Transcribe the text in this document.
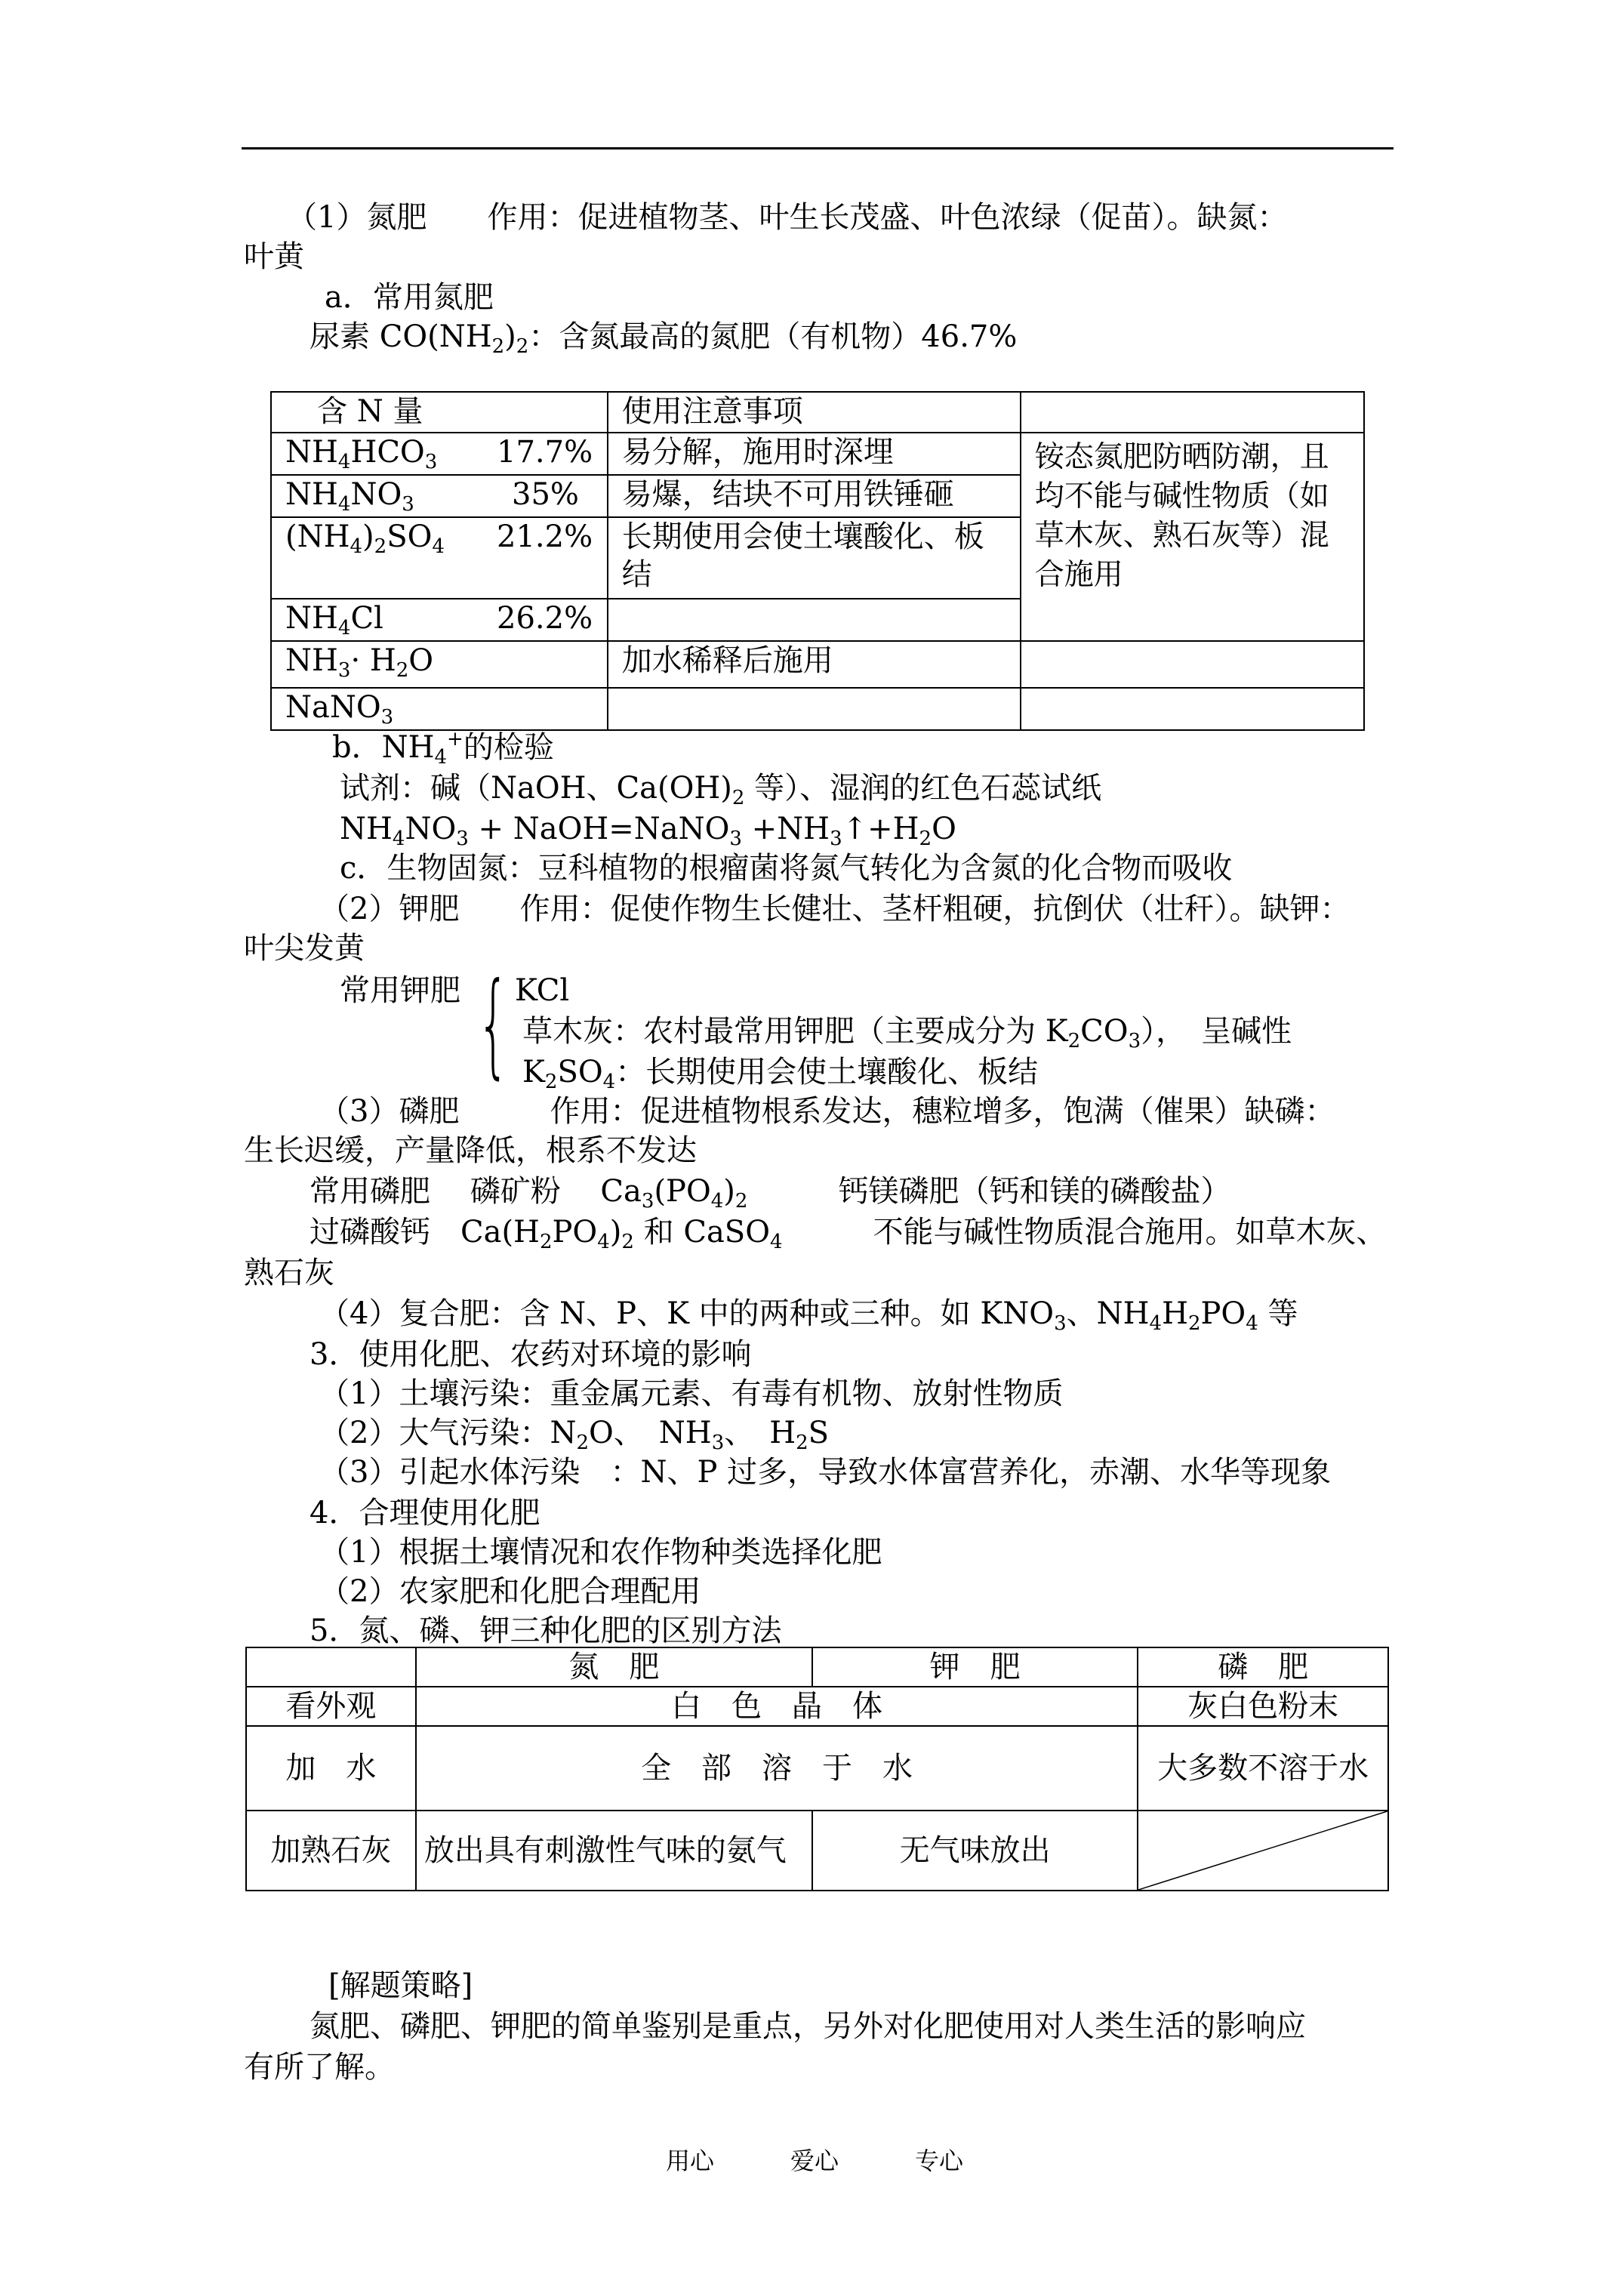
（1）氮肥　　作用：促进植物茎、叶生长茂盛、叶色浓绿（促苗）。缺氮：
叶黄
a．常用氮肥
尿素 $CO(NH_2)_2$：含氮最高的氮肥（有机物）46.7%
含 N 量	使用注意事项	
$NH_4HCO_3$ 17.7%	易分解，施用时深埋	铵态氮肥防晒防潮，且均不能与碱性物质（如草木灰、熟石灰等）混合施用
$NH_4NO_3$ 35%	易爆，结块不可用铁锤砸	
$(NH_4)_2SO_4$ 21.2%	长期使用会使土壤酸化、板结	
$NH_4Cl$ 26.2%		
$NH_3\cdot H_2O$	加水稀释后施用	
NaNO$_3$		
b．$NH_4^+$的检验
试剂：碱（NaOH、$Ca(OH)_2$ 等）、湿润的红色石蕊试纸
$NH_4NO_3$ + NaOH=NaNO$_3$ $+NH_3↑+H_2O$
c．生物固氮：豆科植物的根瘤菌将氮气转化为含氮的化合物而吸收
（2）钾肥　　作用：促使作物生长健壮、茎杆粗硬，抗倒伏（壮秆）。缺钾：
叶尖发黄
常用钾肥 { KCl
草木灰：农村最常用钾肥（主要成分为 $K_2CO_3$），　呈碱性
$K_2SO_4$：长期使用会使土壤酸化、板结
（3）磷肥　　　作用：促进植物根系发达，穗粒增多，饱满（催果）缺磷：
生长迟缓，产量降低，根系不发达
常用磷肥　 磷矿粉　 $Ca_3(PO_4)_2$　　　	钙镁磷肥（钙和镁的磷酸盐）
过磷酸钙　$Ca(H_2PO_4)_2$ 和 CaSO$_4$　　　	不能与碱性物质混合施用。如草木灰、
熟石灰
（4）复合肥：含 N、P、K 中的两种或三种。如 $KNO_3$、$NH_4H_2PO_4$ 等
3．使用化肥、农药对环境的影响
（1）土壤污染：重金属元素、有毒有机物、放射性物质
（2）大气污染：$N_2O$、　$NH_3$、　$H_2S$
（3）引起水体污染　：N、P 过多，导致水体富营养化，赤潮、水华等现象
4．合理使用化肥
（1）根据土壤情况和农作物种类选择化肥
（2）农家肥和化肥合理配用
5．氮、磷、钾三种化肥的区别方法
	氮　肥	钾　肥	磷　肥
看外观	白　色　晶　体		灰白色粉末
加　水	全　部　溶　于　水		大多数不溶于水
加熟石灰	放出具有刺激性气味的氨气	无气味放出	
[解题策略]
氮肥、磷肥、钾肥的简单鉴别是重点，另外对化肥使用对人类生活的影响应
有所了解。
用心	爱心	专心
